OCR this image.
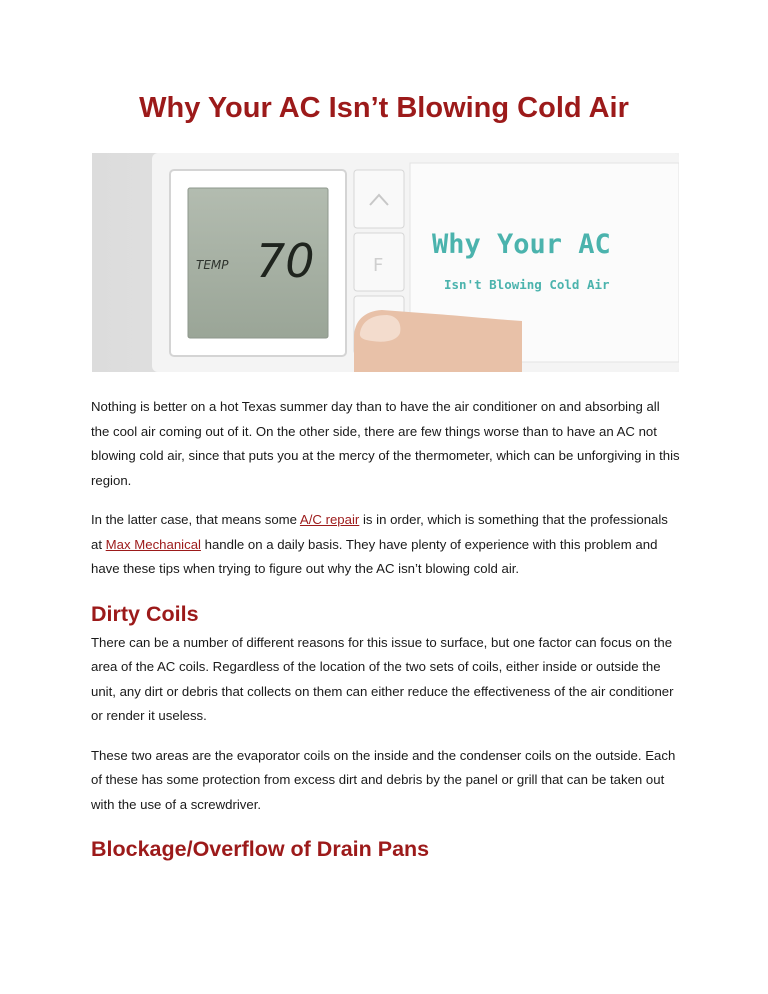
Why Your AC Isn’t Blowing Cold Air
TEMP 70	F
Why Your AC
Isn't Blowing Cold Air

Nothing is better on a hot Texas summer day than to have the air conditioner on and absorbing all the cool air coming out of it. On the other side, there are few things worse than to have an AC not blowing cold air, since that puts you at the mercy of the thermometer, which can be unforgiving in this region.

In the latter case, that means some A/C repair is in order, which is something that the professionals at Max Mechanical handle on a daily basis. They have plenty of experience with this problem and have these tips when trying to figure out why the AC isn’t blowing cold air.

Dirty Coils

There can be a number of different reasons for this issue to surface, but one factor can focus on the area of the AC coils. Regardless of the location of the two sets of coils, either inside or outside the unit, any dirt or debris that collects on them can either reduce the effectiveness of the air conditioner or render it useless.

These two areas are the evaporator coils on the inside and the condenser coils on the outside. Each of these has some protection from excess dirt and debris by the panel or grill that can be taken out with the use of a screwdriver.

Blockage/Overflow of Drain Pans
